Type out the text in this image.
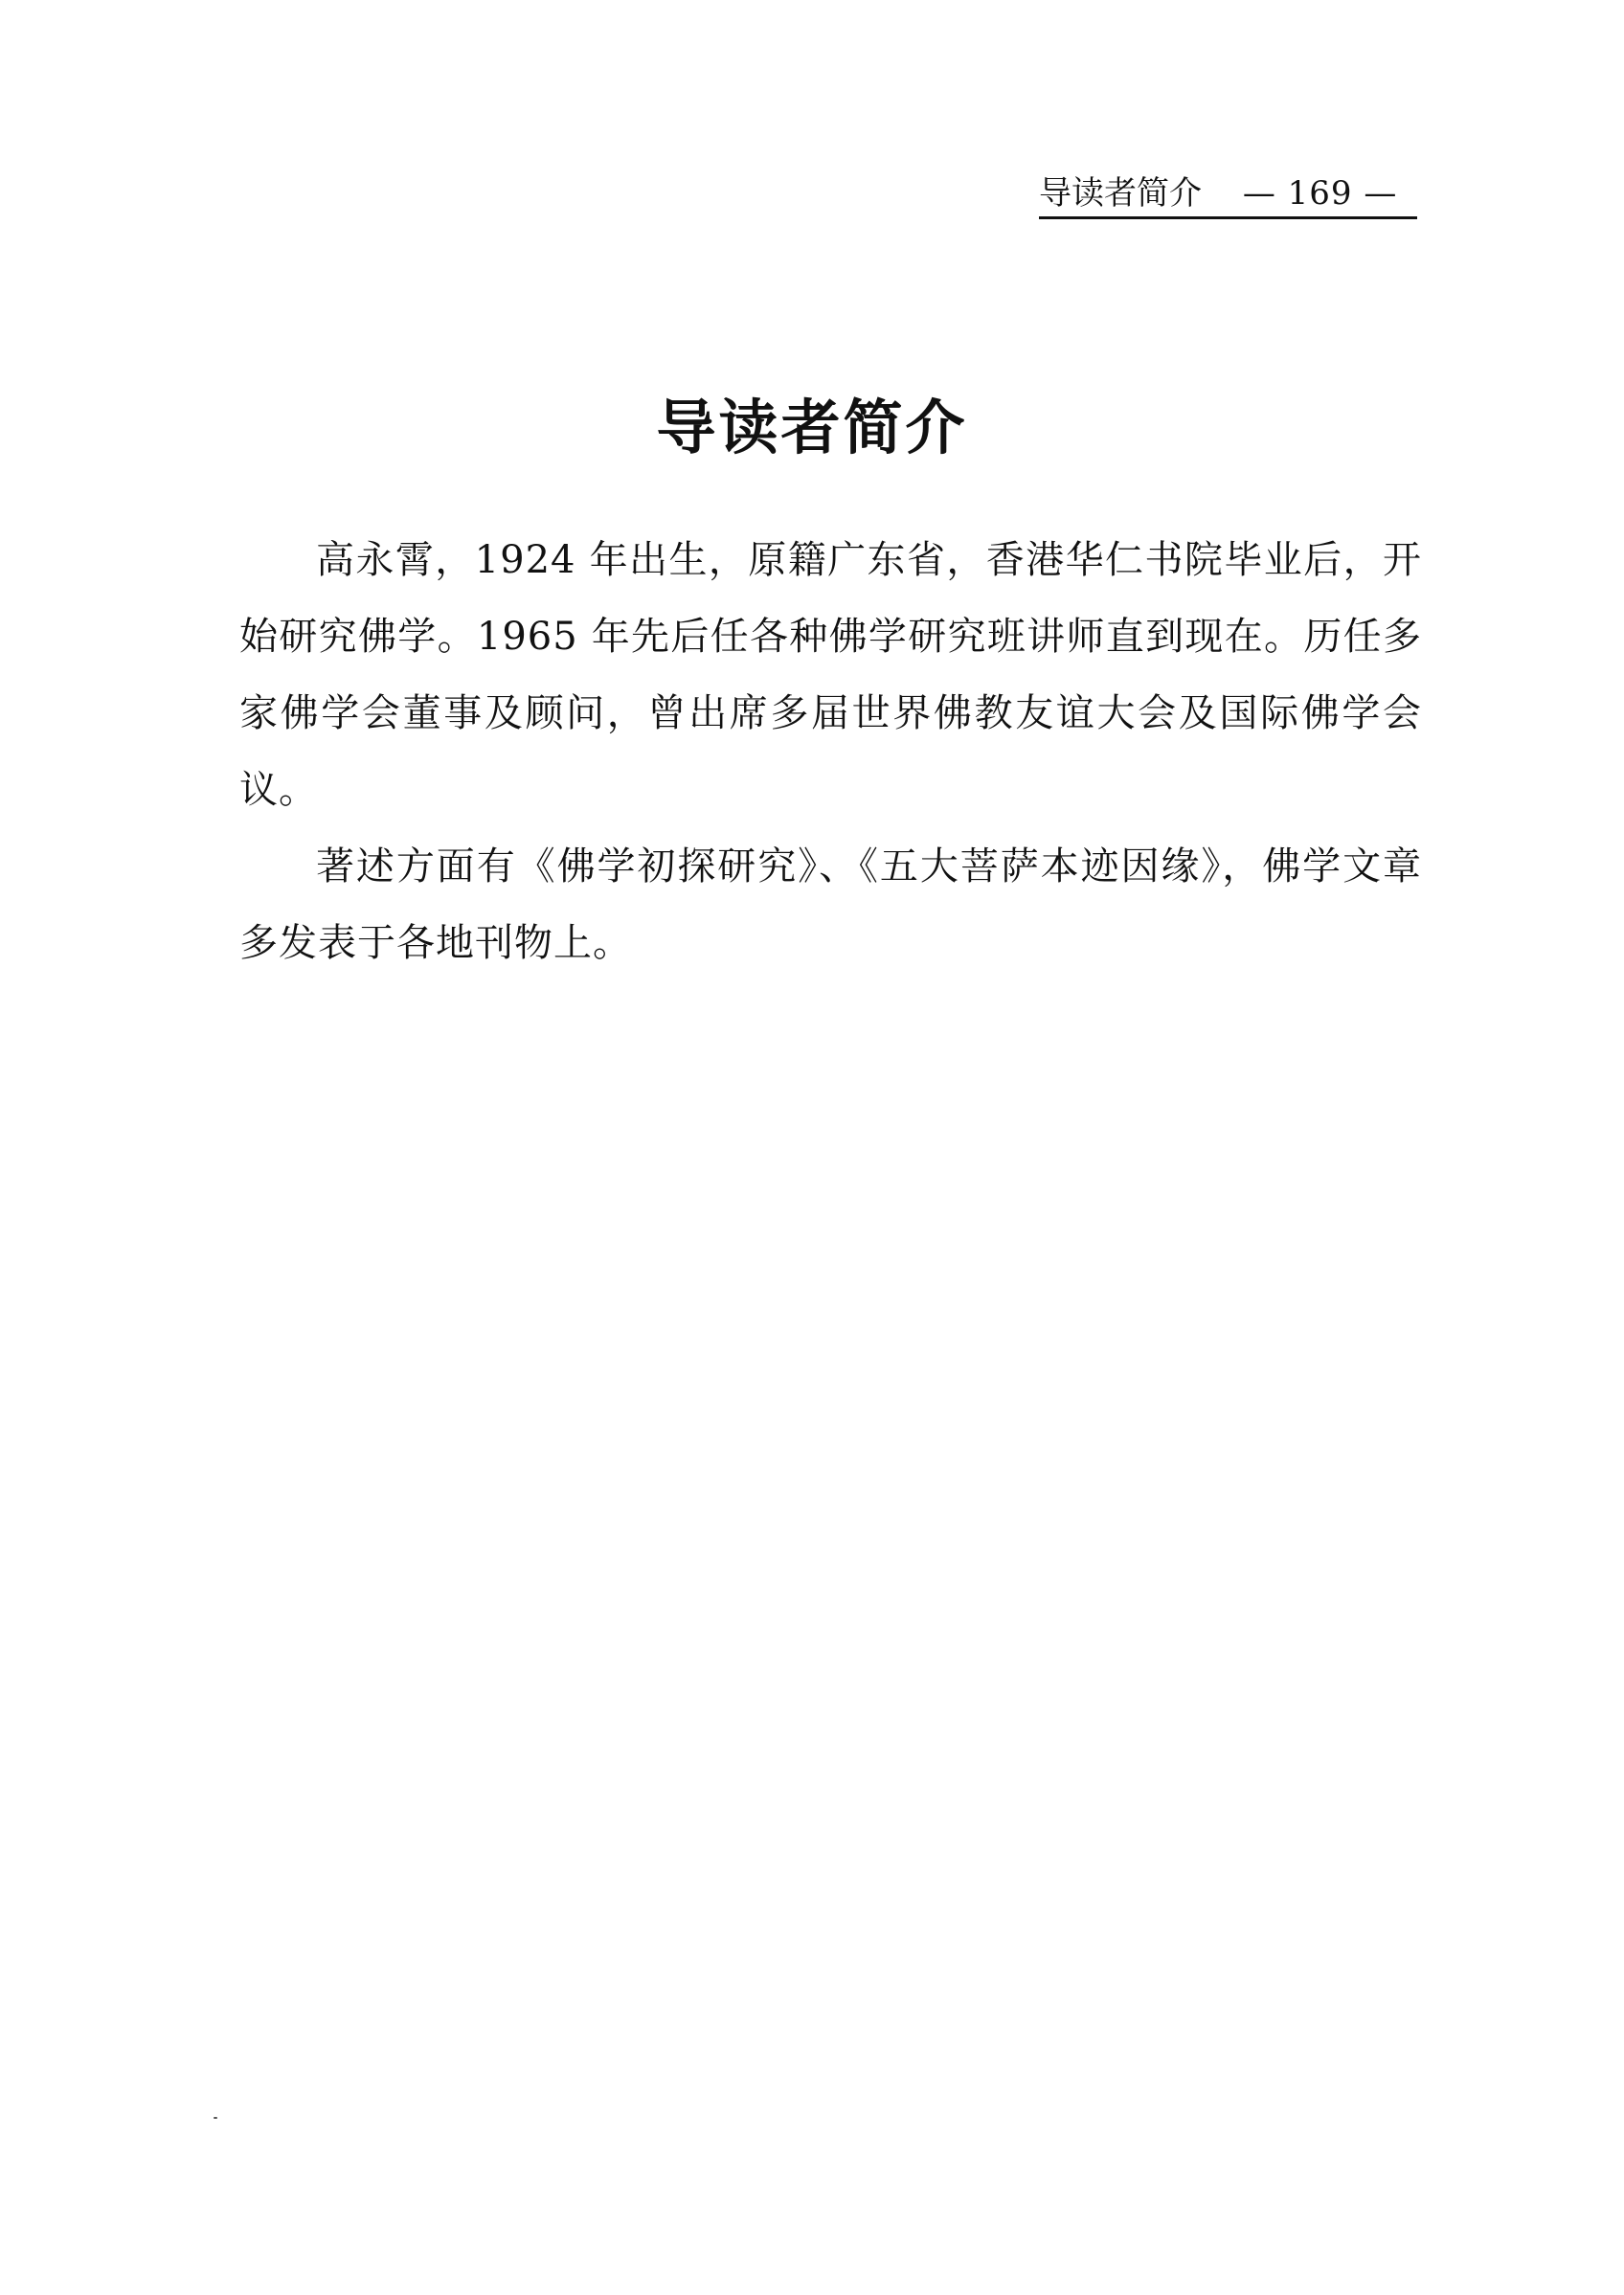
导读者简介 — 169 —
导读者简介

高永霄，1924 年出生，原籍广东省，香港华仁书院毕业后，开始研究佛学。1965 年先后任各种佛学研究班讲师直到现在。历任多家佛学会董事及顾问，曾出席多届世界佛教友谊大会及国际佛学会议。

著述方面有《佛学初探研究》、《五大菩萨本迹因缘》，佛学文章多发表于各地刊物上。
